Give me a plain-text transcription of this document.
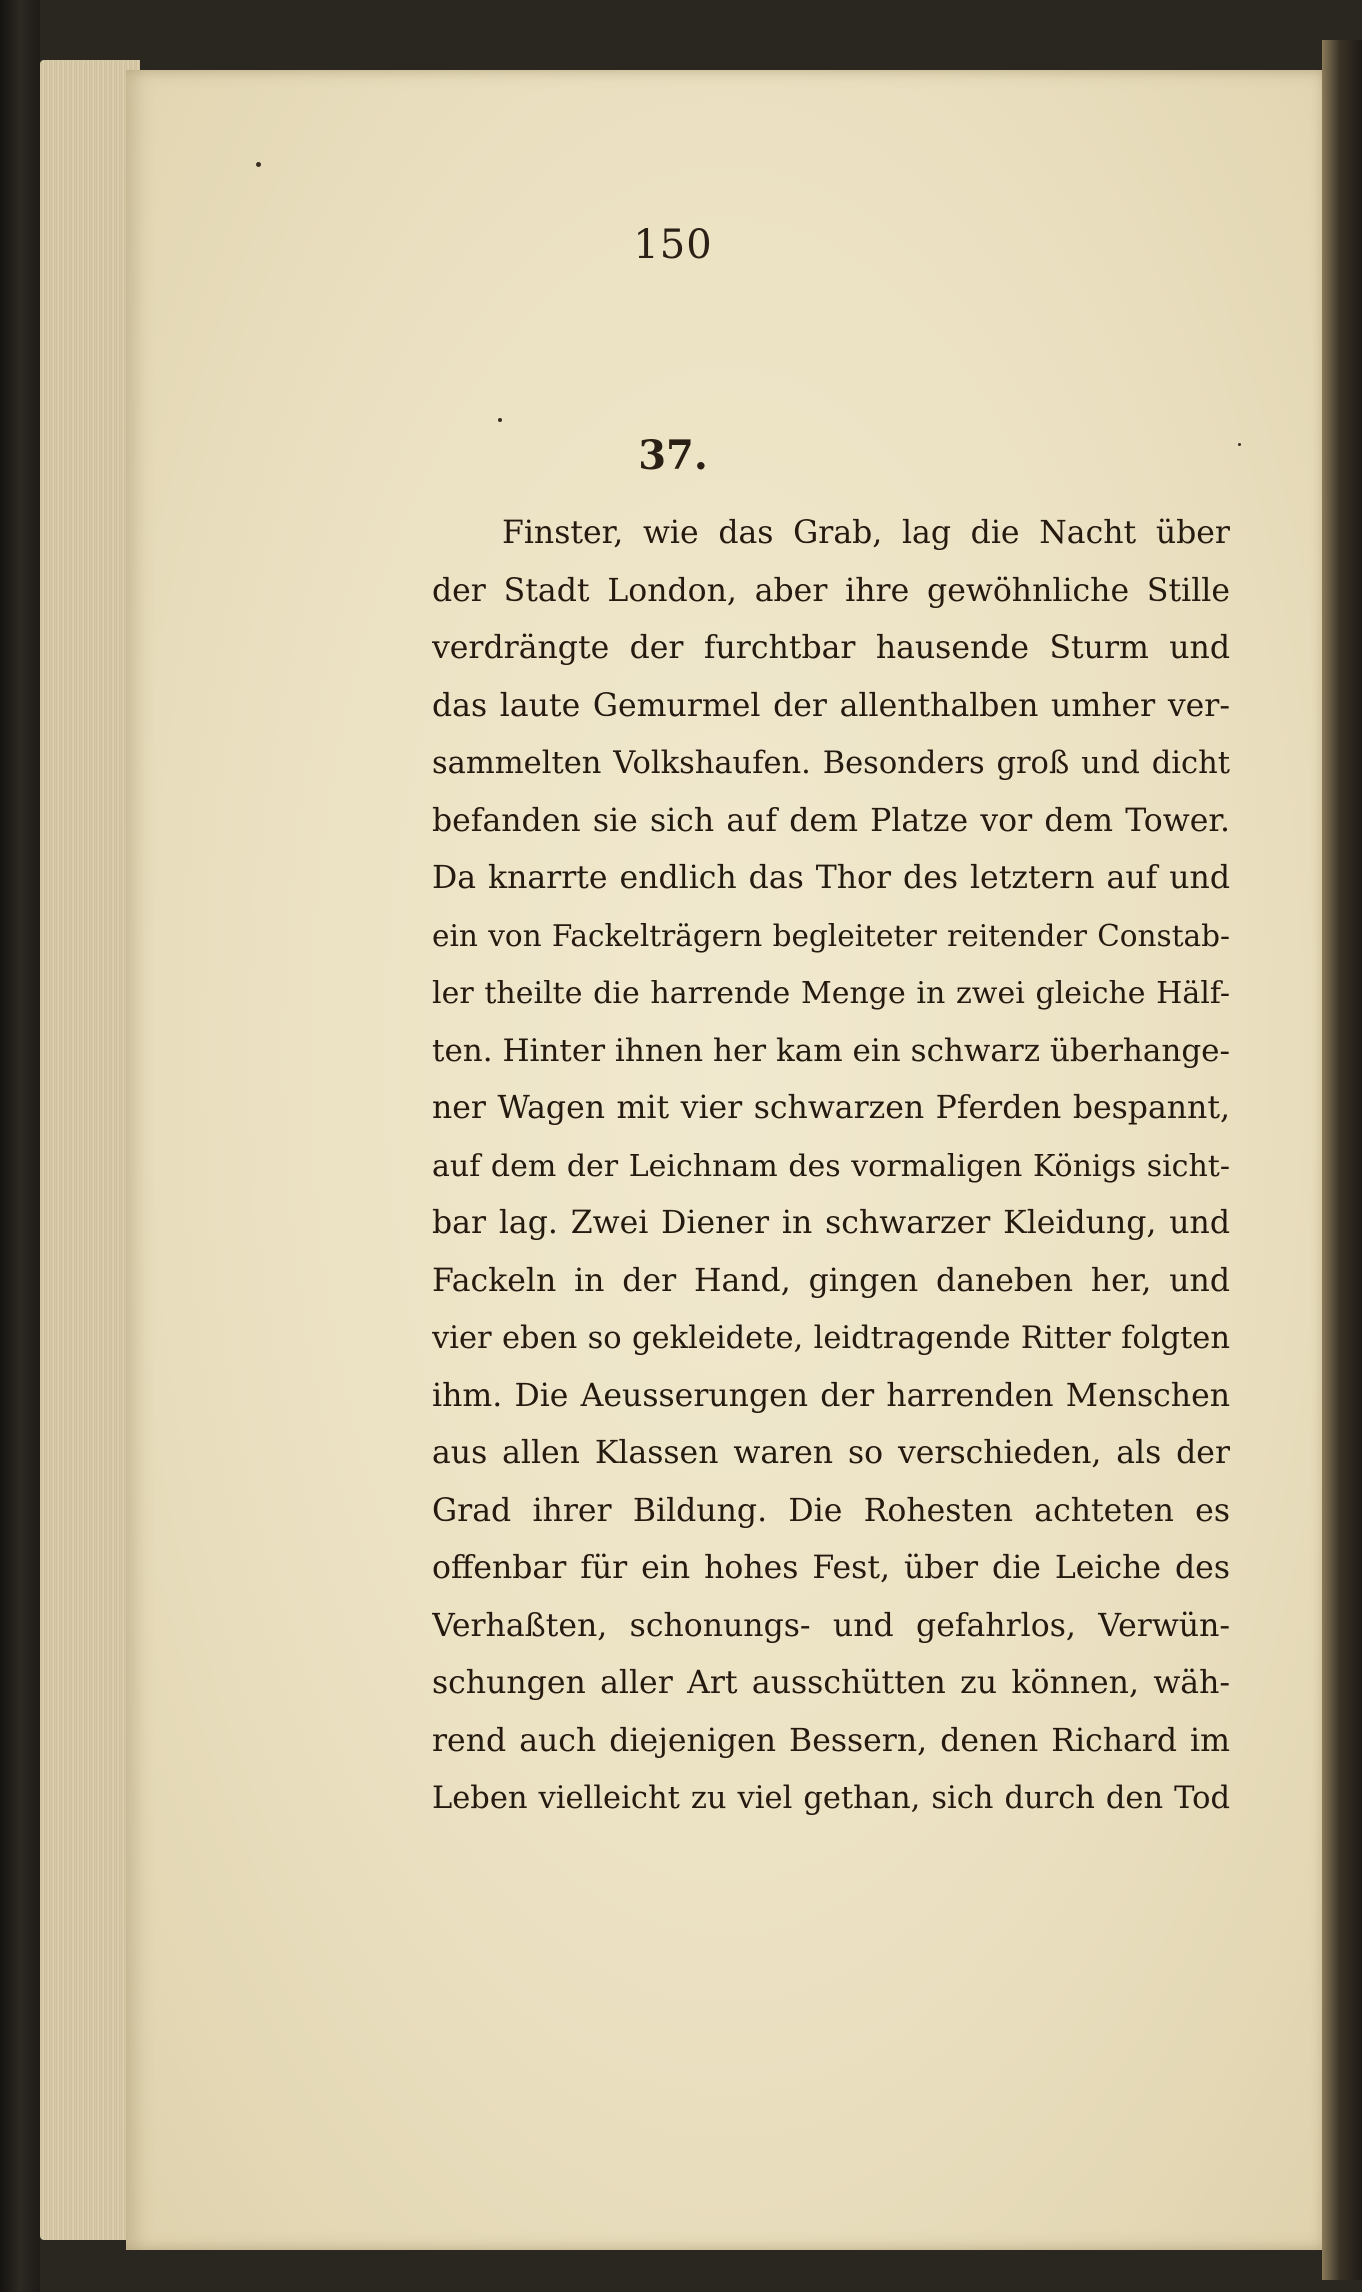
150
37.
Finster, wie das Grab, lag die Nacht über
der Stadt London, aber ihre gewöhnliche Stille
verdrängte der furchtbar hausende Sturm und
das laute Gemurmel der allenthalben umher ver-
sammelten Volkshaufen. Besonders groß und dicht
befanden sie sich auf dem Platze vor dem Tower.
Da knarrte endlich das Thor des letztern auf und
ein von Fackelträgern begleiteter reitender Constab-
ler theilte die harrende Menge in zwei gleiche Hälf-
ten. Hinter ihnen her kam ein schwarz überhange-
ner Wagen mit vier schwarzen Pferden bespannt,
auf dem der Leichnam des vormaligen Königs sicht-
bar lag. Zwei Diener in schwarzer Kleidung, und
Fackeln in der Hand, gingen daneben her, und
vier eben so gekleidete, leidtragende Ritter folgten
ihm. Die Aeusserungen der harrenden Menschen
aus allen Klassen waren so verschieden, als der
Grad ihrer Bildung. Die Rohesten achteten es
offenbar für ein hohes Fest, über die Leiche des
Verhaßten, schonungs- und gefahrlos, Verwün-
schungen aller Art ausschütten zu können, wäh-
rend auch diejenigen Bessern, denen Richard im
Leben vielleicht zu viel gethan, sich durch den Tod
